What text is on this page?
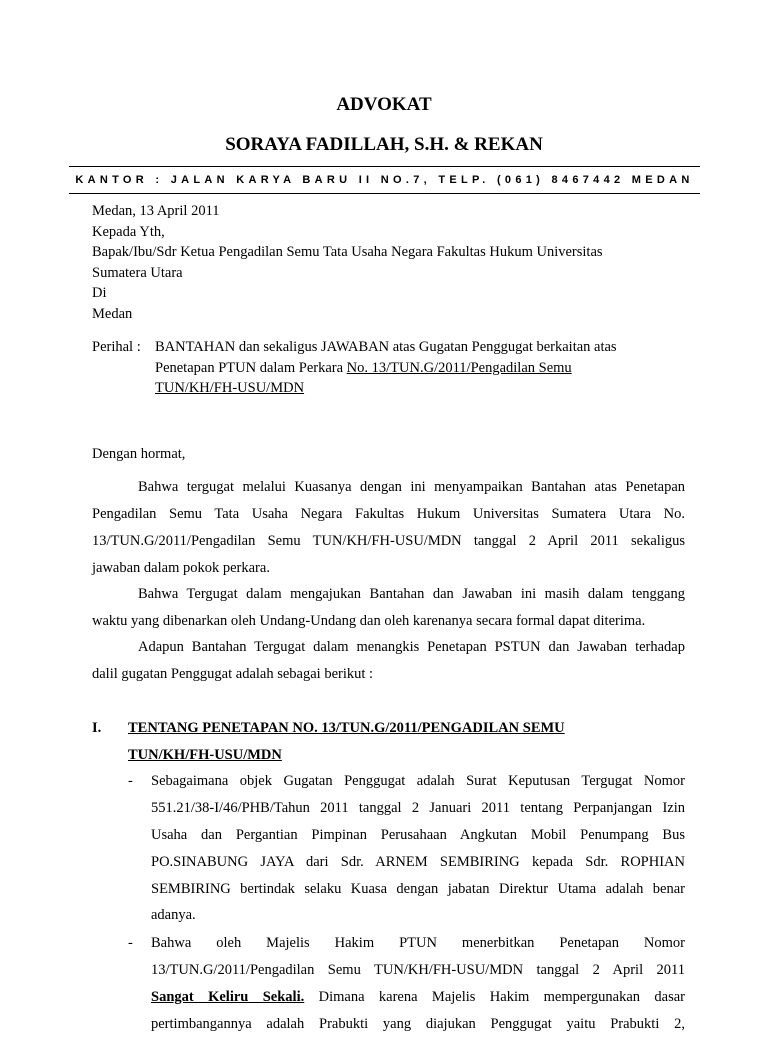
ADVOKAT
SORAYA FADILLAH, S.H. & REKAN
KANTOR : JALAN KARYA BARU II NO.7, TELP. (061) 8467442 MEDAN
Medan, 13 April 2011
Kepada Yth,
Bapak/Ibu/Sdr Ketua Pengadilan Semu Tata Usaha Negara Fakultas Hukum Universitas
Sumatera Utara
Di
Medan
Perihal : BANTAHAN dan sekaligus JAWABAN atas Gugatan Penggugat berkaitan atas
Penetapan PTUN dalam Perkara No. 13/TUN.G/2011/Pengadilan Semu
TUN/KH/FH-USU/MDN
Dengan hormat,
Bahwa tergugat melalui Kuasanya dengan ini menyampaikan Bantahan atas Penetapan
Pengadilan Semu Tata Usaha Negara Fakultas Hukum Universitas Sumatera Utara No.
13/TUN.G/2011/Pengadilan Semu TUN/KH/FH-USU/MDN tanggal 2 April 2011 sekaligus
jawaban dalam pokok perkara.
Bahwa Tergugat dalam mengajukan Bantahan dan Jawaban ini masih dalam tenggang
waktu yang dibenarkan oleh Undang-Undang dan oleh karenanya secara formal dapat diterima.
Adapun Bantahan Tergugat dalam menangkis Penetapan PSTUN dan Jawaban terhadap
dalil gugatan Penggugat adalah sebagai berikut :
I. TENTANG PENETAPAN NO. 13/TUN.G/2011/PENGADILAN SEMU
TUN/KH/FH-USU/MDN
- Sebagaimana objek Gugatan Penggugat adalah Surat Keputusan Tergugat Nomor
551.21/38-I/46/PHB/Tahun 2011 tanggal 2 Januari 2011 tentang Perpanjangan Izin
Usaha dan Pergantian Pimpinan Perusahaan Angkutan Mobil Penumpang Bus
PO.SINABUNG JAYA dari Sdr. ARNEM SEMBIRING kepada Sdr. ROPHIAN
SEMBIRING bertindak selaku Kuasa dengan jabatan Direktur Utama adalah benar
adanya.
- Bahwa oleh Majelis Hakim PTUN menerbitkan Penetapan Nomor
13/TUN.G/2011/Pengadilan Semu TUN/KH/FH-USU/MDN tanggal 2 April 2011
Sangat Keliru Sekali. Dimana karena Majelis Hakim mempergunakan dasar
pertimbangannya adalah Prabukti yang diajukan Penggugat yaitu Prabukti 2,
